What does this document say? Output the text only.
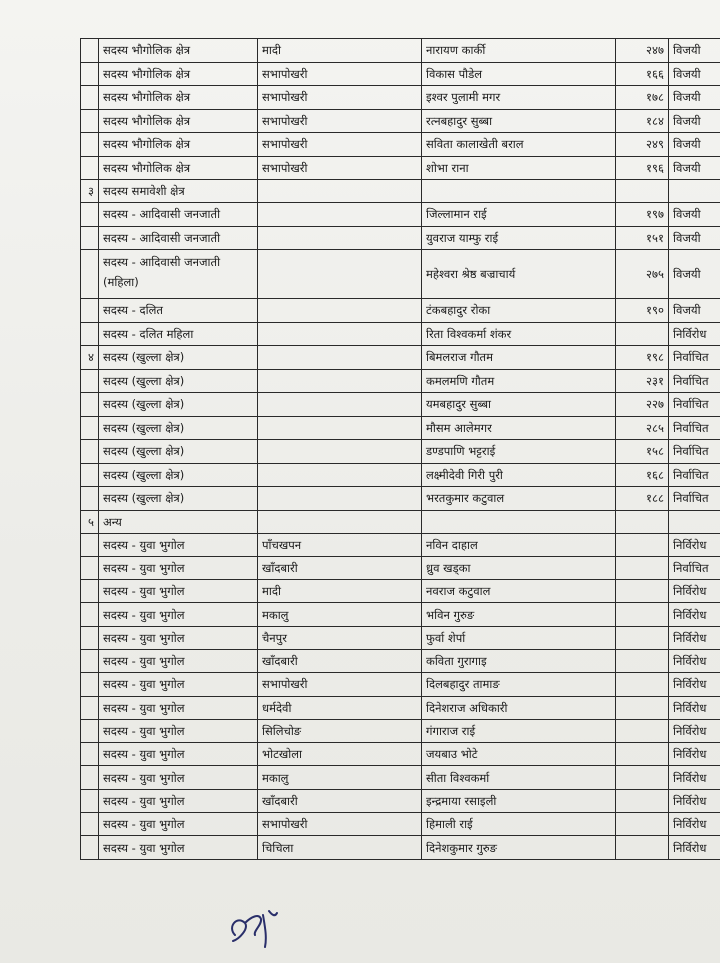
	सदस्य भौगोलिक क्षेत्र	मादी	नारायण कार्की	२४७	विजयी
	सदस्य भौगोलिक क्षेत्र	सभापोखरी	विकास पौडेल	१६६	विजयी
	सदस्य भौगोलिक क्षेत्र	सभापोखरी	इश्वर पुलामी मगर	१७८	विजयी
	सदस्य भौगोलिक क्षेत्र	सभापोखरी	रत्नबहादुर सुब्बा	१८४	विजयी
	सदस्य भौगोलिक क्षेत्र	सभापोखरी	सविता कालाखेती बराल	२४९	विजयी
	सदस्य भौगोलिक क्षेत्र	सभापोखरी	शोभा राना	१९६	विजयी
३	सदस्य समावेशी क्षेत्र				
	सदस्य - आदिवासी जनजाती		जिल्लामान राई	१९७	विजयी
	सदस्य - आदिवासी जनजाती		युवराज याम्फु राई	१५१	विजयी
	सदस्य - आदिवासी जनजाती (महिला)		महेश्वरा श्रेष्ठ बज्राचार्य	२७५	विजयी
	सदस्य - दलित		टंकबहादुर रोका	१९०	विजयी
	सदस्य - दलित महिला		रिता विश्वकर्मा शंकर		निर्विरोध
४	सदस्य (खुल्ला क्षेत्र)		बिमलराज गौतम	१९८	निर्वाचित
	सदस्य (खुल्ला क्षेत्र)		कमलमणि गौतम	२३१	निर्वाचित
	सदस्य (खुल्ला क्षेत्र)		यमबहादुर सुब्बा	२२७	निर्वाचित
	सदस्य (खुल्ला क्षेत्र)		मौसम आलेमगर	२८५	निर्वाचित
	सदस्य (खुल्ला क्षेत्र)		डण्डपाणि भट्टराई	१५८	निर्वाचित
	सदस्य (खुल्ला क्षेत्र)		लक्ष्मीदेवी गिरी पुरी	१६८	निर्वाचित
	सदस्य (खुल्ला क्षेत्र)		भरतकुमार कटुवाल	१८८	निर्वाचित
५	अन्य				
	सदस्य - युवा भुगोल	पाँचखपन	नविन दाहाल		निर्विरोध
	सदस्य - युवा भुगोल	खाँदबारी	ध्रुव खड्का		निर्वाचित
	सदस्य - युवा भुगोल	मादी	नवराज कटुवाल		निर्विरोध
	सदस्य - युवा भुगोल	मकालु	भविन गुरुङ		निर्विरोध
	सदस्य - युवा भुगोल	चैनपुर	फुर्वा शेर्पा		निर्विरोध
	सदस्य - युवा भुगोल	खाँदबारी	कविता गुरागाइ		निर्विरोध
	सदस्य - युवा भुगोल	सभापोखरी	दिलबहादुर तामाङ		निर्विरोध
	सदस्य - युवा भुगोल	धर्मदेवी	दिनेशराज अधिकारी		निर्विरोध
	सदस्य - युवा भुगोल	सिलिचोङ	गंगाराज राई		निर्विरोध
	सदस्य - युवा भुगोल	भोटखोला	जयबाउ भोटे		निर्विरोध
	सदस्य - युवा भुगोल	मकालु	सीता विश्वकर्मा		निर्विरोध
	सदस्य - युवा भुगोल	खाँदबारी	इन्द्रमाया रसाइली		निर्विरोध
	सदस्य - युवा भुगोल	सभापोखरी	हिमाली राई		निर्विरोध
	सदस्य - युवा भुगोल	चिचिला	दिनेशकुमार गुरुङ		निर्विरोध
